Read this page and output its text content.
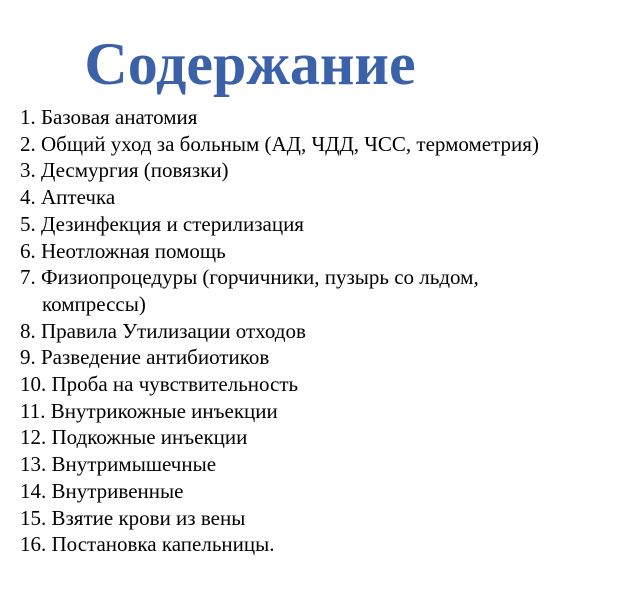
Содержание
1. Базовая анатомия
2. Общий уход за больным (АД, ЧДД, ЧСС, термометрия)
3. Десмургия (повязки)
4. Аптечка
5. Дезинфекция и стерилизация
6. Неотложная помощь
7. Физиопроцедуры (горчичники, пузырь со льдом,
компрессы)
8. Правила Утилизации отходов
9. Разведение антибиотиков
10. Проба на чувствительность
11. Внутрикожные инъекции
12. Подкожные инъекции
13. Внутримышечные
14. Внутривенные
15. Взятие крови из вены
16. Постановка капельницы.
